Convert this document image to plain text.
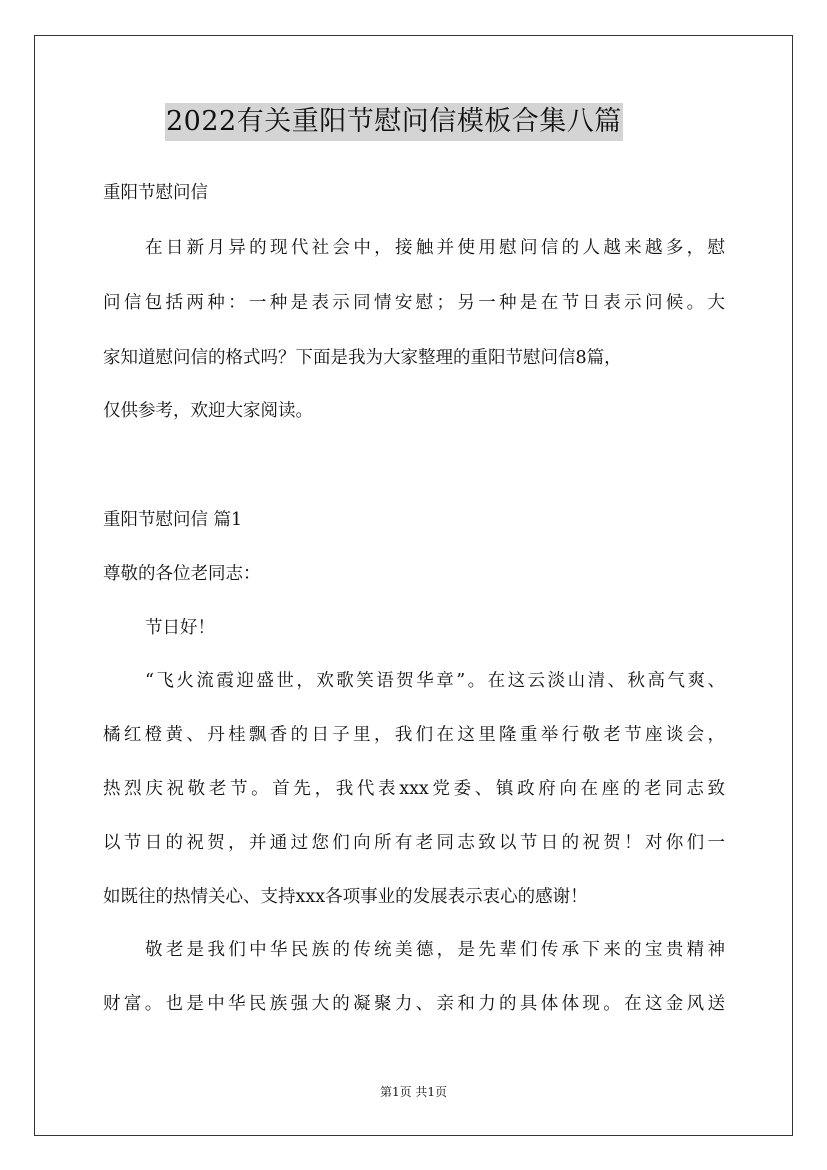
2022有关重阳节慰问信模板合集八篇
重阳节慰问信
在日新月异的现代社会中，接触并使用慰问信的人越来越多，慰
问信包括两种：一种是表示同情安慰；另一种是在节日表示问候。大
家知道慰问信的格式吗？下面是我为大家整理的重阳节慰问信8篇，
仅供参考，欢迎大家阅读。
重阳节慰问信 篇1
尊敬的各位老同志：
节日好！
“飞火流霞迎盛世，欢歌笑语贺华章”。在这云淡山清、秋高气爽、
橘红橙黄、丹桂飘香的日子里，我们在这里隆重举行敬老节座谈会，
热烈庆祝敬老节。首先，我代表xxx党委、镇政府向在座的老同志致
以节日的祝贺，并通过您们向所有老同志致以节日的祝贺！对你们一
如既往的热情关心、支持xxx各项事业的发展表示衷心的感谢！
敬老是我们中华民族的传统美德，是先辈们传承下来的宝贵精神
财富。也是中华民族强大的凝聚力、亲和力的具体体现。在这金风送
第1页 共1页
